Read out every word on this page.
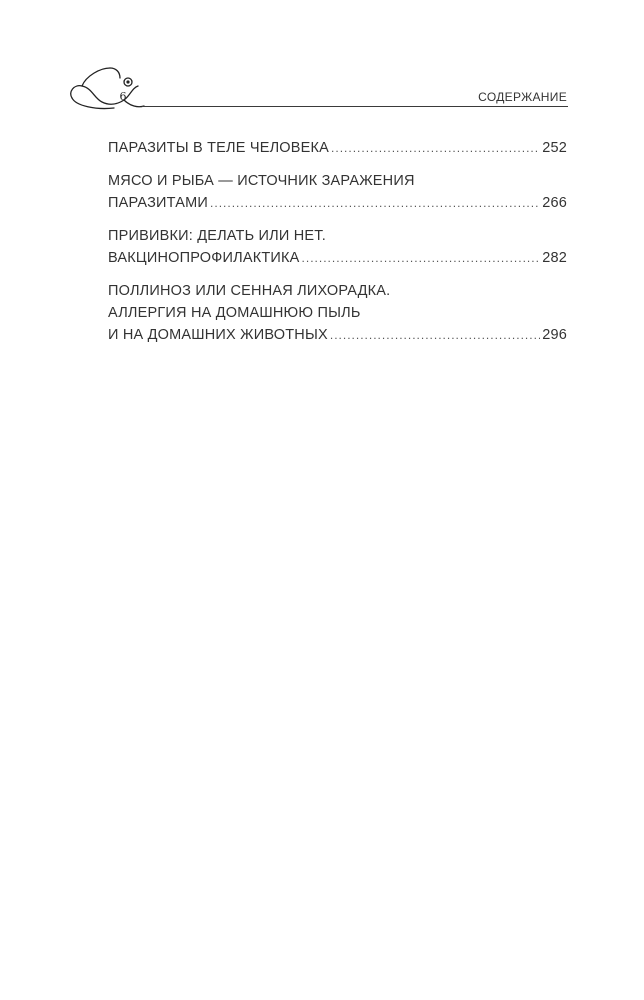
6	СОДЕРЖАНИЕ
ПАРАЗИТЫ В ТЕЛЕ ЧЕЛОВЕКА .....	252
МЯСО И РЫБА — ИСТОЧНИК ЗАРАЖЕНИЯ
ПАРАЗИТАМИ .....	266
ПРИВИВКИ: ДЕЛАТЬ ИЛИ НЕТ.
ВАКЦИНОПРОФИЛАКТИКА .....	282
ПОЛЛИНОЗ ИЛИ СЕННАЯ ЛИХОРАДКА.
АЛЛЕРГИЯ НА ДОМАШНЮЮ ПЫЛЬ
И НА ДОМАШНИХ ЖИВОТНЫХ .....	296
